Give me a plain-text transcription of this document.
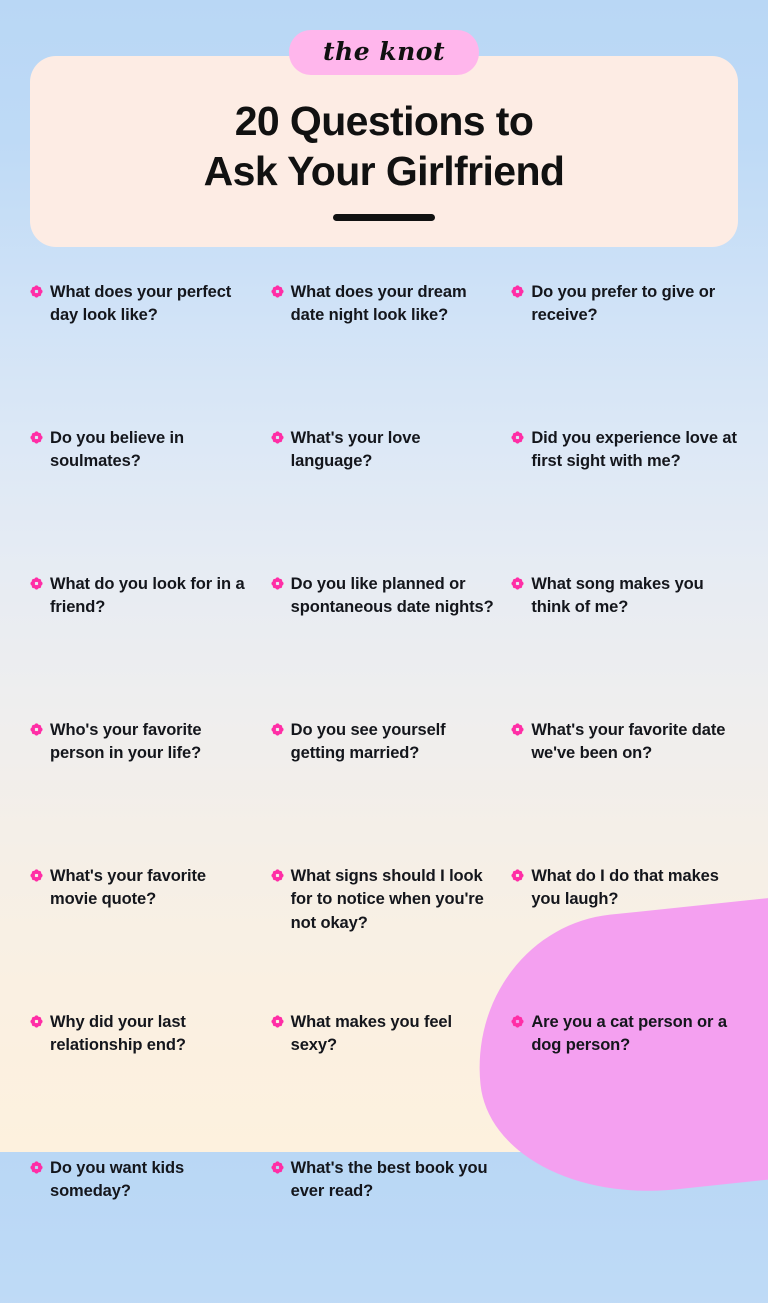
the knot
20 Questions to
Ask Your Girlfriend
What does your perfect day look like?
Do you believe in soulmates?
What do you look for in a friend?
Who's your favorite person in your life?
What's your favorite movie quote?
Why did your last relationship end?
Do you want kids someday?
What does your dream date night look like?
What's your love language?
Do you like planned or spontaneous date nights?
Do you see yourself getting married?
What signs should I look for to notice when you're not okay?
What makes you feel sexy?
What's the best book you ever read?
Do you prefer to give or receive?
Did you experience love at first sight with me?
What song makes you think of me?
What's your favorite date we've been on?
What do I do that makes you laugh?
Are you a cat person or a dog person?
